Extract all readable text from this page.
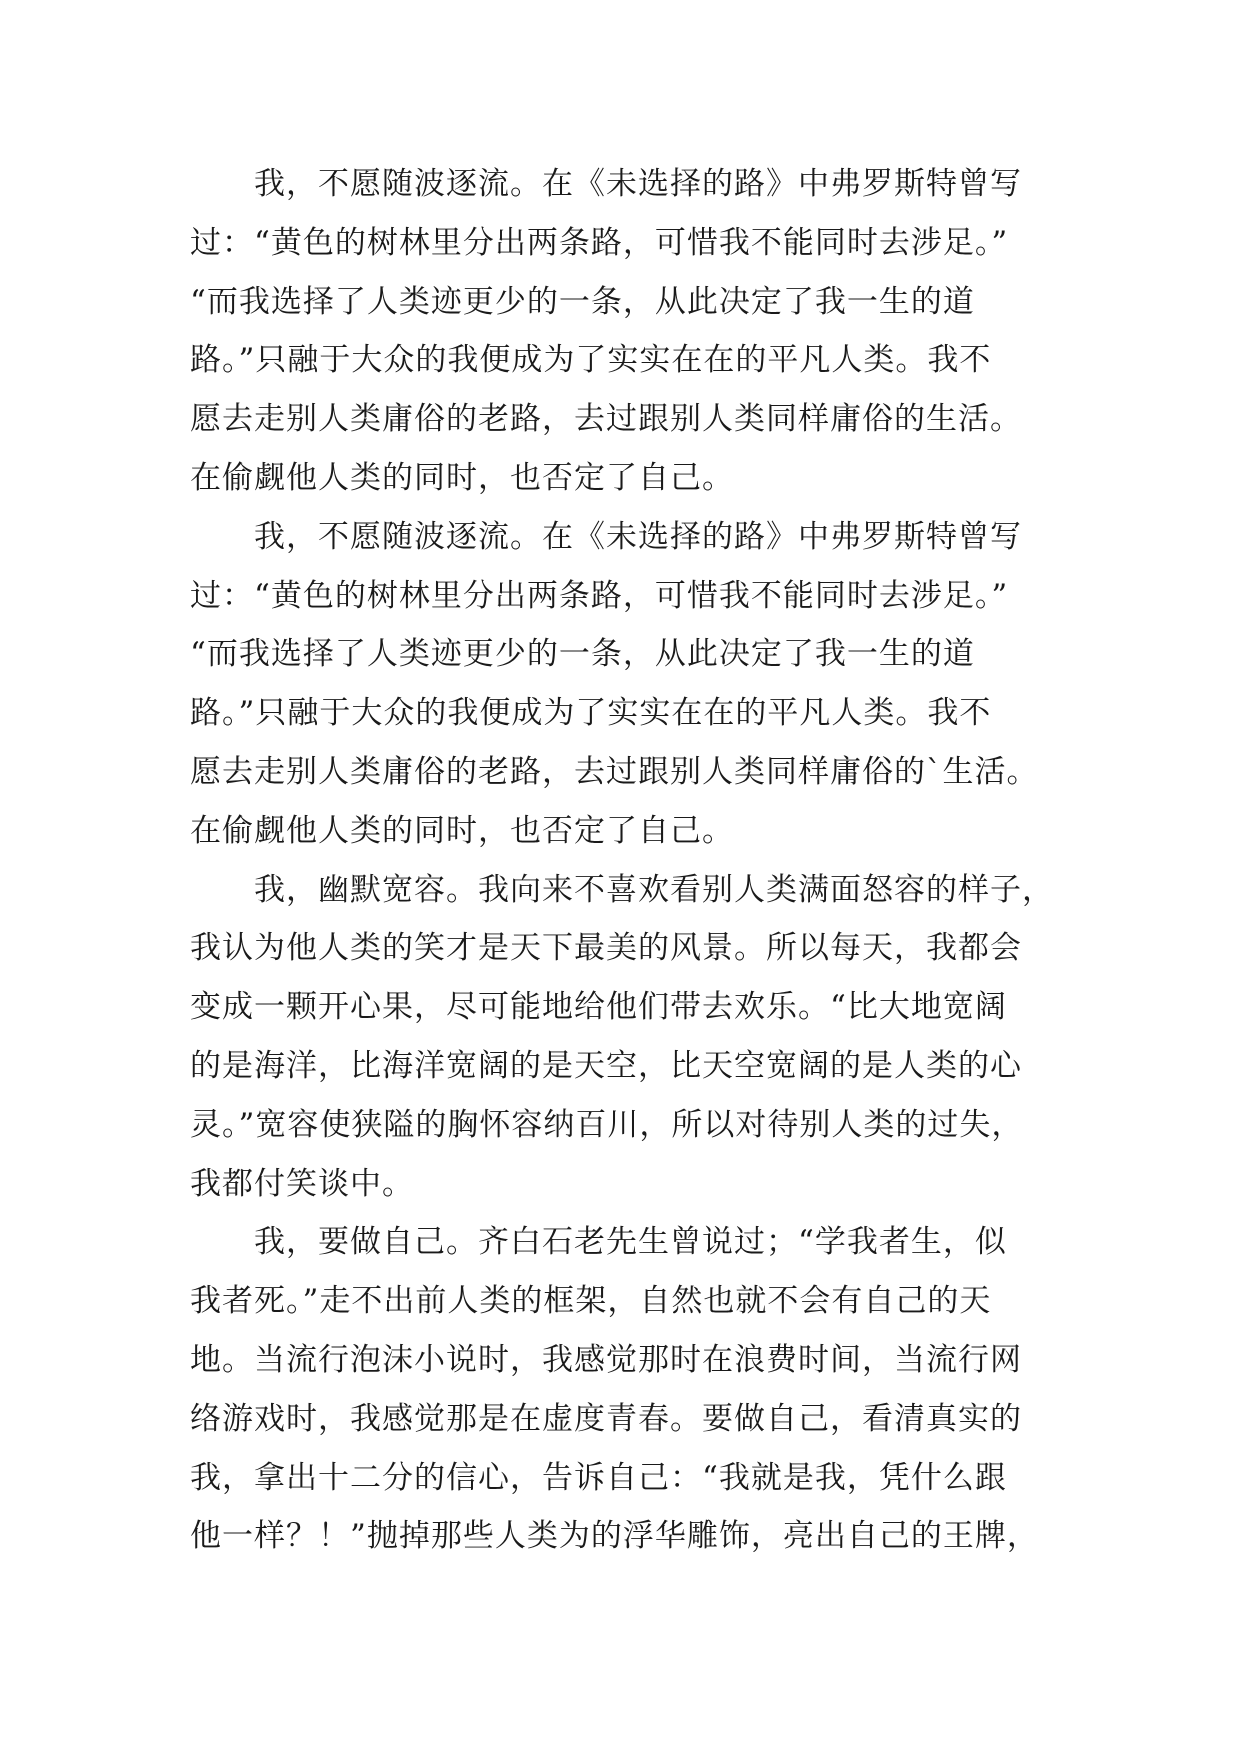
我，不愿随波逐流。在《未选择的路》中弗罗斯特曾写
过：“黄色的树林里分出两条路，可惜我不能同时去涉足。”
“而我选择了人类迹更少的一条，从此决定了我一生的道
路。”只融于大众的我便成为了实实在在的平凡人类。我不
愿去走别人类庸俗的老路，去过跟别人类同样庸俗的生活。
在偷觑他人类的同时，也否定了自己。
我，不愿随波逐流。在《未选择的路》中弗罗斯特曾写
过：“黄色的树林里分出两条路，可惜我不能同时去涉足。”
“而我选择了人类迹更少的一条，从此决定了我一生的道
路。”只融于大众的我便成为了实实在在的平凡人类。我不
愿去走别人类庸俗的老路，去过跟别人类同样庸俗的`生活。
在偷觑他人类的同时，也否定了自己。
我，幽默宽容。我向来不喜欢看别人类满面怒容的样子，
我认为他人类的笑才是天下最美的风景。所以每天，我都会
变成一颗开心果，尽可能地给他们带去欢乐。“比大地宽阔
的是海洋，比海洋宽阔的是天空，比天空宽阔的是人类的心
灵。”宽容使狭隘的胸怀容纳百川，所以对待别人类的过失，
我都付笑谈中。
我，要做自己。齐白石老先生曾说过；“学我者生，似
我者死。”走不出前人类的框架，自然也就不会有自己的天
地。当流行泡沫小说时，我感觉那时在浪费时间，当流行网
络游戏时，我感觉那是在虚度青春。要做自己，看清真实的
我，拿出十二分的信心，告诉自己：“我就是我，凭什么跟
他一样？！”抛掉那些人类为的浮华雕饰，亮出自己的王牌，
